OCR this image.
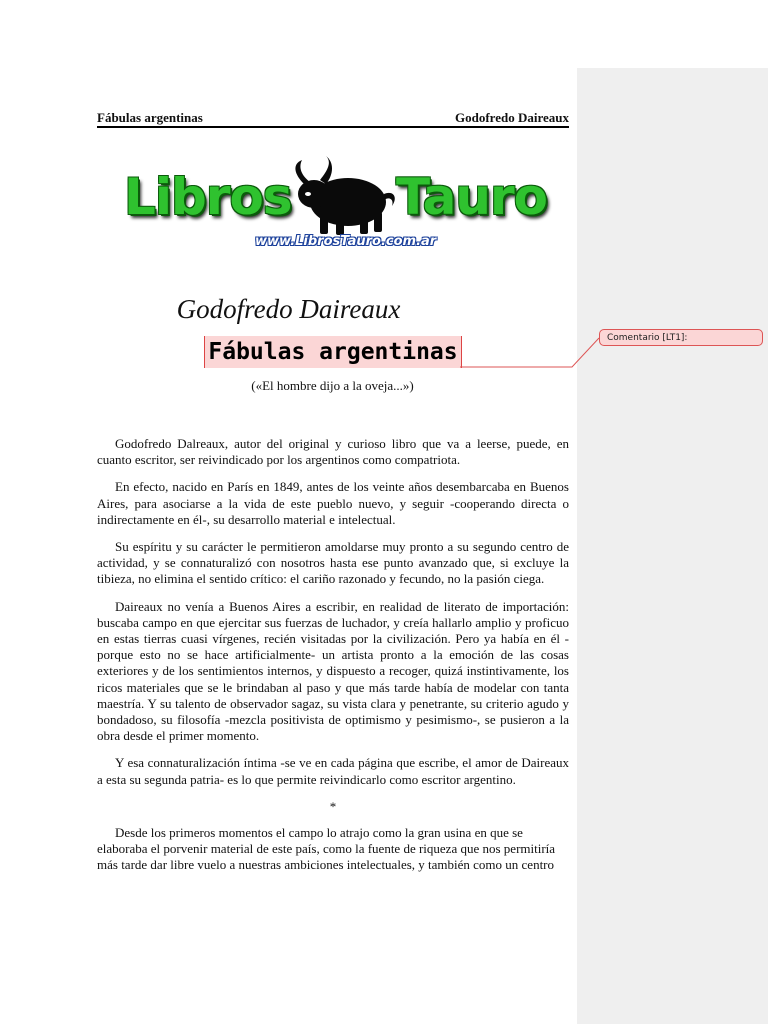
Fábulas argentinas	Godofredo Daireaux
Libros Tauro
www.LibrosTauro.com.ar
Godofredo Daireaux
Fábulas argentinas
(«El hombre dijo a la oveja...»)

Godofredo Dalreaux, autor del original y curioso libro que va a leerse, puede, en cuanto escritor, ser reivindicado por los argentinos como compatriota.

En efecto, nacido en París en 1849, antes de los veinte años desembarcaba en Buenos Aires, para asociarse a la vida de este pueblo nuevo, y seguir -cooperando directa o indirectamente en él-, su desarrollo material e intelectual.

Su espíritu y su carácter le permitieron amoldarse muy pronto a su segundo centro de actividad, y se connaturalizó con nosotros hasta ese punto avanzado que, si excluye la tibieza, no elimina el sentido crítico: el cariño razonado y fecundo, no la pasión ciega.

Daireaux no venía a Buenos Aires a escribir, en realidad de literato de importación: buscaba campo en que ejercitar sus fuerzas de luchador, y creía hallarlo amplio y proficuo en estas tierras cuasi vírgenes, recién visitadas por la civilización. Pero ya había en él - porque esto no se hace artificialmente- un artista pronto a la emoción de las cosas exteriores y de los sentimientos internos, y dispuesto a recoger, quizá instintivamente, los ricos materiales que se le brindaban al paso y que más tarde había de modelar con tanta maestría. Y su talento de observador sagaz, su vista clara y penetrante, su criterio agudo y bondadoso, su filosofía -mezcla positivista de optimismo y pesimismo-, se pusieron a la obra desde el primer momento.

Y esa connaturalización íntima -se ve en cada página que escribe, el amor de Daireaux a esta su segunda patria- es lo que permite reivindicarlo como escritor argentino.

*

Desde los primeros momentos el campo lo atrajo como la gran usina en que se elaboraba el porvenir material de este país, como la fuente de riqueza que nos permitiría más tarde dar libre vuelo a nuestras ambiciones intelectuales, y también como un centro

Comentario [LT1]:
